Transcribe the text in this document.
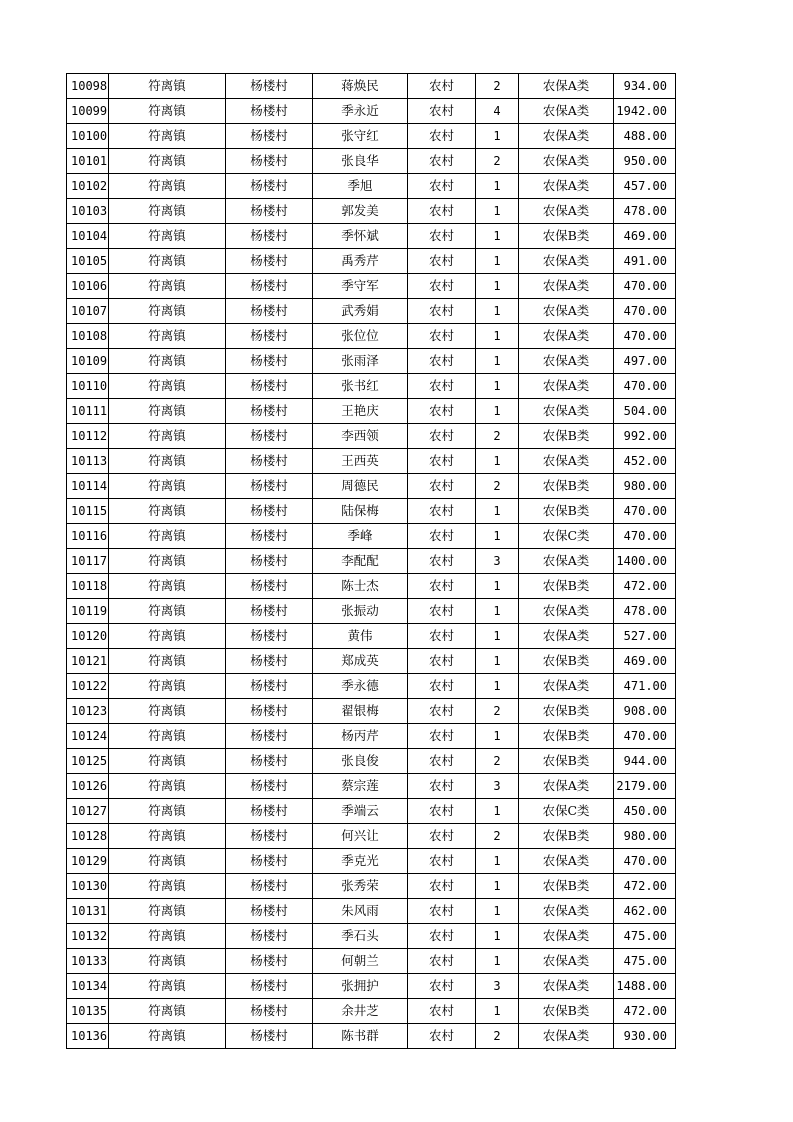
10098	符离镇	杨楼村	蒋焕民	农村	2	农保A类	934.00
10099	符离镇	杨楼村	季永近	农村	4	农保A类	1942.00
10100	符离镇	杨楼村	张守红	农村	1	农保A类	488.00
10101	符离镇	杨楼村	张良华	农村	2	农保A类	950.00
10102	符离镇	杨楼村	季旭	农村	1	农保A类	457.00
10103	符离镇	杨楼村	郭发美	农村	1	农保A类	478.00
10104	符离镇	杨楼村	季怀斌	农村	1	农保B类	469.00
10105	符离镇	杨楼村	禹秀芹	农村	1	农保A类	491.00
10106	符离镇	杨楼村	季守军	农村	1	农保A类	470.00
10107	符离镇	杨楼村	武秀娟	农村	1	农保A类	470.00
10108	符离镇	杨楼村	张位位	农村	1	农保A类	470.00
10109	符离镇	杨楼村	张雨泽	农村	1	农保A类	497.00
10110	符离镇	杨楼村	张书红	农村	1	农保A类	470.00
10111	符离镇	杨楼村	王艳庆	农村	1	农保A类	504.00
10112	符离镇	杨楼村	李西领	农村	2	农保B类	992.00
10113	符离镇	杨楼村	王西英	农村	1	农保A类	452.00
10114	符离镇	杨楼村	周德民	农村	2	农保B类	980.00
10115	符离镇	杨楼村	陆保梅	农村	1	农保B类	470.00
10116	符离镇	杨楼村	季峰	农村	1	农保C类	470.00
10117	符离镇	杨楼村	李配配	农村	3	农保A类	1400.00
10118	符离镇	杨楼村	陈士杰	农村	1	农保B类	472.00
10119	符离镇	杨楼村	张振动	农村	1	农保A类	478.00
10120	符离镇	杨楼村	黄伟	农村	1	农保A类	527.00
10121	符离镇	杨楼村	郑成英	农村	1	农保B类	469.00
10122	符离镇	杨楼村	季永德	农村	1	农保A类	471.00
10123	符离镇	杨楼村	翟银梅	农村	2	农保B类	908.00
10124	符离镇	杨楼村	杨丙芹	农村	1	农保B类	470.00
10125	符离镇	杨楼村	张良俊	农村	2	农保B类	944.00
10126	符离镇	杨楼村	蔡宗莲	农村	3	农保A类	2179.00
10127	符离镇	杨楼村	季端云	农村	1	农保C类	450.00
10128	符离镇	杨楼村	何兴让	农村	2	农保B类	980.00
10129	符离镇	杨楼村	季克光	农村	1	农保A类	470.00
10130	符离镇	杨楼村	张秀荣	农村	1	农保B类	472.00
10131	符离镇	杨楼村	朱风雨	农村	1	农保A类	462.00
10132	符离镇	杨楼村	季石头	农村	1	农保A类	475.00
10133	符离镇	杨楼村	何朝兰	农村	1	农保A类	475.00
10134	符离镇	杨楼村	张拥护	农村	3	农保A类	1488.00
10135	符离镇	杨楼村	余井芝	农村	1	农保B类	472.00
10136	符离镇	杨楼村	陈书群	农村	2	农保A类	930.00
